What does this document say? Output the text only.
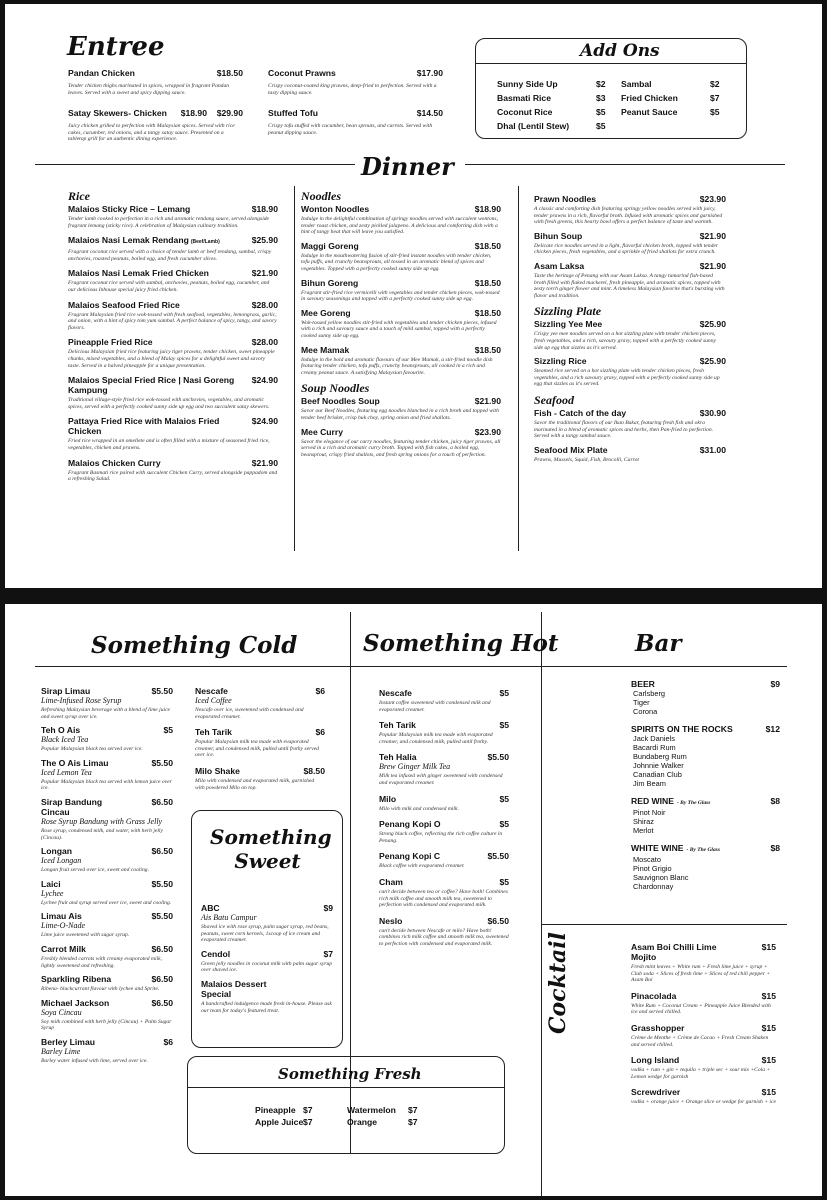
Entree
Pandan Chicken	$18.50
Tender chicken thighs marinated in spices, wrapped in fragrant Pandan leaves. Served with a sweet and spicy dipping sauce.
Satay Skewers- Chicken	$18.90 $29.90
Juicy chicken grilled to perfection with Malaysian spices. Served with rice cakes, cucumber, red onions, and a tangy satay sauce. Presented on a tabletop grill for an authentic dining experience.
Coconut Prawns	$17.90
Crispy coconut-coated king prawns, deep-fried to perfection. Served with a tasty dipping sauce.
Stuffed Tofu	$14.50
Crispy tofu stuffed with cucumber, bean sprouts, and carrots. Served with peanut dipping sauce.
Add Ons
Sunny Side Up	$2
Basmati Rice	$3
Coconut Rice	$5
Dhal (Lentil Stew)	$5
Sambal	$2
Fried Chicken	$7
Peanut Sauce	$5
Dinner
Rice
Malaios Sticky Rice – Lemang	$18.90
Tender lamb cooked to perfection in a rich and aromatic rendang sauce, served alongside fragrant lemang (sticky rice). A celebration of Malaysian culinary tradition.
Malaios Nasi Lemak Rendang (Beef/Lamb)	$25.90
Fragrant coconut rice served with a choice of tender lamb or beef rendang, sambal, crispy anchovies, roasted peanuts, boiled egg, and fresh cucumber slices.
Malaios Nasi Lemak Fried Chicken	$21.90
Fragrant coconut rice served with sambal, anchovies, peanuts, boiled egg, cucumber, and our delicious Inhouse special juicy fried chicken.
Malaios Seafood Fried Rice	$28.00
Fragrant Malaysian fried rice wok-tossed with fresh seafood, vegetables, lemongrass, garlic, and onion, with a hint of spicy tom yum sambal. A perfect balance of spicy, tangy, and savory flavors.
Pineapple Fried Rice	$28.00
Delicious Malaysian fried rice featuring juicy tiger prawns, tender chicken, sweet pineapple chunks, mixed vegetables, and a blend of Malay spices for a delightful sweet and savory taste. Served in a halved pineapple for a unique presentation.
Malaios Special Fried Rice | Nasi Goreng Kampung
$24.90
Traditional village-style fried rice wok-tossed with anchovies, vegetables, and aromatic spices, served with a perfectly cooked sunny side up egg and two succulent satay skewers.
Pattaya Fried Rice with Malaios Fried Chicken
$24.90
Fried rice wrapped in an omellete and is often filled with a mixture of seasoned fried rice, vegetables, chicken and prawns.
Malaios Chicken Curry	$21.90
Fragrant Basmati rice paired with succulent Chicken Curry, served alongside pappadom and a refreshing Salad.
Noodles
Wonton Noodles	$18.90
Indulge in the delightful combination of springy noodles served with succulent wontons, tender roast chicken, and zesty pickled jalapeno. A delicious and comforting dish with a hint of tangy heat that will leave you satisfied.
Maggi Goreng	$18.50
Indulge in the mouthwatering fusion of stir-fried instant noodles with tender chicken, tofu puffs, and crunchy beansprouts, all tossed in an aromatic blend of spices and vegetables. Topped with a perfectly cooked sunny side up egg.
Bihun Goreng	$18.50
Fragrant stir-fried rice vermicelli with vegetables and tender chicken pieces, wok-tossed in savoury seasonings and topped with a perfectly cooked sunny side up egg.
Mee Goreng	$18.50
Wok-tossed yellow noodles stir-fried with vegetables and tender chicken pieces, infused with a rich and savoury sauce and a touch of mild sambal, topped with a perfectly cooked sunny side up egg.
Mee Mamak	$18.50
Indulge in the bold and aromatic flavours of our Mee Mamak, a stir-fried noodle dish featuring tender chicken, tofu puffs, crunchy beansprouts, all cooked in a rich and creamy peanut sauce. A satisfying Malaysian favourite.
Soup Noodles
Beef Noodles Soup	$21.90
Savor our Beef Noodles, featuring egg noodles blanched in a rich broth and topped with tender beef brisket, crisp buk choy, spring onion and fried shallots.
Mee Curry	$23.90
Savor the elegance of our curry noodles, featuring tender chicken, juicy tiger prawns, all served in a rich and aromatic curry broth. Topped with fish cakes, a boiled egg, beansprout, crispy fried shallots, and fresh spring onions for a touch of perfection.
Prawn Noodles	$23.90
A classic and comforting dish featuring springy yellow noodles served with juicy, tender prawns in a rich, flavorful broth. Infused with aromatic spices and garnished with fresh greens, this hearty bowl offers a perfect balance of taste and warmth.
Bihun Soup	$21.90
Delicate rice noodles served in a light, flavorful chicken broth, topped with tender chicken pieces, fresh vegetables, and a sprinkle of fried shallots for extra crunch.
Asam Laksa	$21.90
Taste the heritage of Penang with our Asam Laksa. A tangy tamarind fish-based broth filled with flaked mackerel, fresh pineapple, and aromatic spices, topped with zesty torch ginger flower and mint. A timeless Malaysian favorite that's bursting with flavor and tradition.
Sizzling Plate
Sizzling Yee Mee	$25.90
Crispy yee mee noodles served on a hot sizzling plate with tender chicken pieces, fresh vegetables, and a rich, savoury gravy, topped with a perfectly cooked sunny side up egg that sizzles as it's served.
Sizzling Rice	$25.90
Steamed rice served on a hot sizzling plate with tender chicken pieces, fresh vegetables, and a rich savoury gravy, topped with a perfectly cooked sunny side up egg that sizzles as it's served.
Seafood
Fish - Catch of the day	$30.90
Savor the traditional flavors of our Ikan Bakar, featuring fresh fish and okra marinated in a blend of aromatic spices and herbs, then Pan-fried to perfection. Served with a tangy sambal sauce.
Seafood Mix Plate	$31.00
Prawns, Mussels, Squid, Fish, Brocolli, Carrot
Something Cold	Something Hot	Bar
Sirap Limau	$5.50
Lime-Infused Rose Syrup
Refreshing Malaysian beverage with a blend of lime juice and sweet syrup over ice.
Teh O Ais	$5
Black Iced Tea
Popular Malaysian black tea served over ice.
The O Ais Limau	$5.50
Iced Lemon Tea
Popular Malaysian black tea served with lemon juice over ice.
Sirap Bandung Cincau
$6.50
Rose Syrup Bandung with Grass Jelly
Rose syrup, condensed milk, and water, with herb jelly (Cincau).
Longan	$6.50
Iced Longan
Longan fruit served over ice, sweet and cooling.
Laici	$5.50
Lychee
Lychee fruit and syrup served over ice, sweet and cooling.
Limau Ais	$5.50
Lime-O-Nade
Lime juice sweetened with sugar syrup.
Carrot Milk	$6.50
Freshly blended carrots with creamy evaporated milk, lightly sweetened and refreshing.
Sparkling Ribena	$6.50
Ribena- blackcurrant flavour with lychee and Sprite.
Michael Jackson	$6.50
Soya Cincau
Soy milk combined with herb jelly (Cincau) + Palm Sugar Syrup
Berley Limau	$6
Barley Lime
Barley water infused with lime, served over ice.
Nescafe	$6
Iced Coffee
Nescafe over ice, sweetened with condensed and evaporated creamer.
Teh Tarik	$6
Popular Malaysian milk tea made with evaporated creamer, and condensed milk, pulled until frothy served over ice.
Milo Shake	$8.50
Milo with condensed and evaporated milk, garnished with powdered Milo on top.
Something
Sweet
ABC	$9
Ais Batu Campur
Shaved ice with rose syrup, palm sugar syrup, red beans, peanuts, sweet corn kernels, 1scoop of ice cream and evaporated creamer.
Cendol	$7
Green jelly noodles in coconut milk with palm sugar syrup over shaved ice.
Malaios Dessert Special
A handcrafted indulgence made fresh in-house. Please ask our team for today's featured treat.
Something Fresh
Pineapple $7
Apple Juice $7
Watermelon $7
Orange	$7
Nescafe	$5
Instant coffee sweetened with condensed milk and evaporated creamer.
Teh Tarik	$5
Popular Malaysian milk tea made with evaporated creamer, and condensed milk, pulled until frothy.
Teh Halia	$5.50
Brew Ginger Milk Tea
Milk tea infused with ginger sweetened with condensed and evaporated creamer.
Milo	$5
Milo with milk and condensed milk.
Penang Kopi O	$5
Strong black coffee, reflecting the rich coffee culture in Penang.
Penang Kopi C	$5.50
Black coffee with evaporated creamer.
Cham	$5
can't decide between tea or coffee? Have both! Combines rich milk coffee and smooth milk tea, sweetened to perfection with condensed and evaporated milk.
Neslo	$6.50
can't decide between Nescafe or milo? Have both! combines rich milk coffee and smooth milk tea, sweetened to perfection with condensed and evaporated milk.
BEER	$9
Carlsberg
Tiger
Corona
SPIRITS ON THE ROCKS	$12
Jack Daniels
Bacardi Rum
Bundaberg Rum
Johnnie Walker
Canadian Club
Jim Beam
RED WINE - By The Glass	$8
Pinot Noir
Shiraz
Merlot
WHITE WINE - By The Glass	$8
Moscato
Pinot Grigio
Sauvignon Blanc
Chardonnay
Cocktail	Asam Boi Chilli Lime Mojito
$15
Fresh mint leaves + White rum + Fresh lime juice + syrup + Club soda + Slices of fresh lime + Slices of red chili pepper + Asam Boi
Pinacolada	$15
White Rum + Coconut Cream + Pineapple Juice Blended with ice and served chilled.
Grasshopper	$15
Crème de Menthe + Crème de Cacao + Fresh Cream Shaken and served chilled.
Long Island	$15
vodka + rum + gin + tequila + triple sec + sour mix +Cola + Lemon wedge for garnish
Screwdriver	$15
vodka + orange juice + Orange slice or wedge for garnish + ice
